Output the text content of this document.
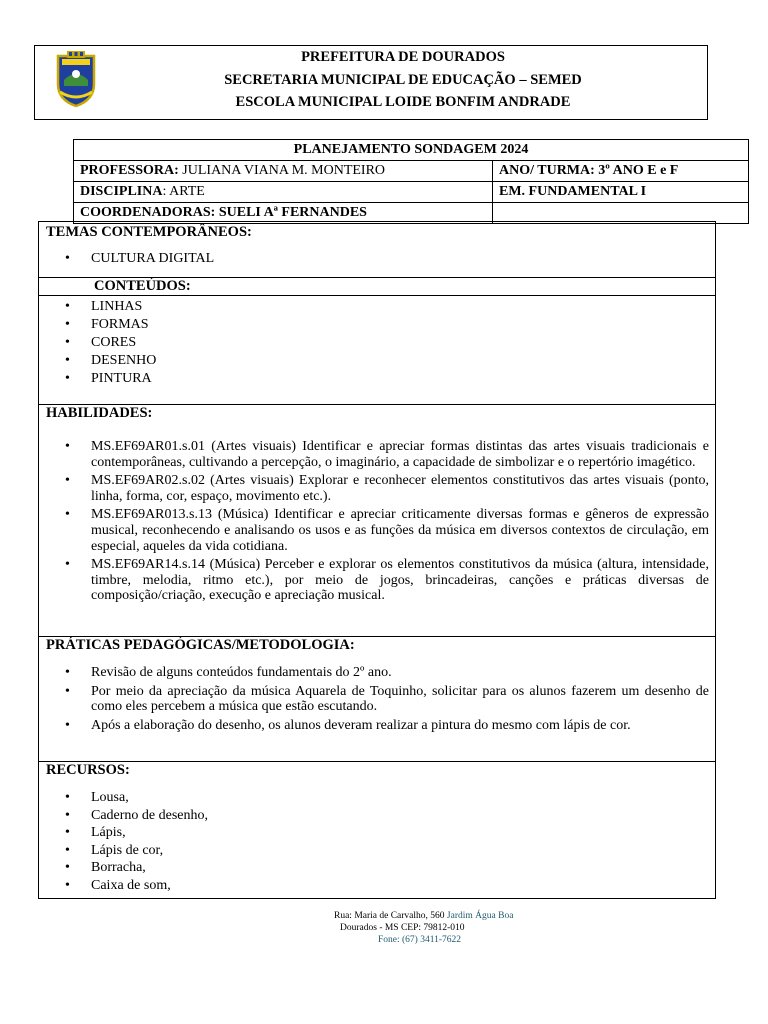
PREFEITURA DE DOURADOS
SECRETARIA MUNICIPAL DE EDUCAÇÃO – SEMED
ESCOLA MUNICIPAL LOIDE BONFIM ANDRADE
PLANEJAMENTO SONDAGEM 2024	
PROFESSORA: JULIANA VIANA M. MONTEIRO	ANO/ TURMA: 3º ANO E e F
DISCIPLINA: ARTE	EM. FUNDAMENTAL I
COORDENADORAS: SUELI Aª FERNANDES	
TEMAS CONTEMPORÂNEOS:
• CULTURA DIGITAL
CONTEÚDOS:
• LINHAS
• FORMAS
• CORES
• DESENHO
• PINTURA
HABILIDADES:
• MS.EF69AR01.s.01 (Artes visuais) Identificar e apreciar formas distintas das artes visuais tradicionais e contemporâneas, cultivando a percepção, o imaginário, a capacidade de simbolizar e o repertório imagético.
• MS.EF69AR02.s.02 (Artes visuais) Explorar e reconhecer elementos constitutivos das artes visuais (ponto, linha, forma, cor, espaço, movimento etc.).
• MS.EF69AR013.s.13 (Música) Identificar e apreciar criticamente diversas formas e gêneros de expressão musical, reconhecendo e analisando os usos e as funções da música em diversos contextos de circulação, em especial, aqueles da vida cotidiana.
• MS.EF69AR14.s.14 (Música) Perceber e explorar os elementos constitutivos da música (altura, intensidade, timbre, melodia, ritmo etc.), por meio de jogos, brincadeiras, canções e práticas diversas de composição/criação, execução e apreciação musical.
PRÁTICAS PEDAGÓGICAS/METODOLOGIA:
• Revisão de alguns conteúdos fundamentais do 2º ano.
• Por meio da apreciação da música Aquarela de Toquinho, solicitar para os alunos fazerem um desenho de como eles percebem a música que estão escutando.
• Após a elaboração do desenho, os alunos deveram realizar a pintura do mesmo com lápis de cor.
RECURSOS:
• Lousa,
• Caderno de desenho,
• Lápis,
• Lápis de cor,
• Borracha,
• Caixa de som,
Rua: Maria de Carvalho, 560 Jardim Água Boa
Dourados - MS CEP: 79812-010
Fone: (67) 3411-7622
